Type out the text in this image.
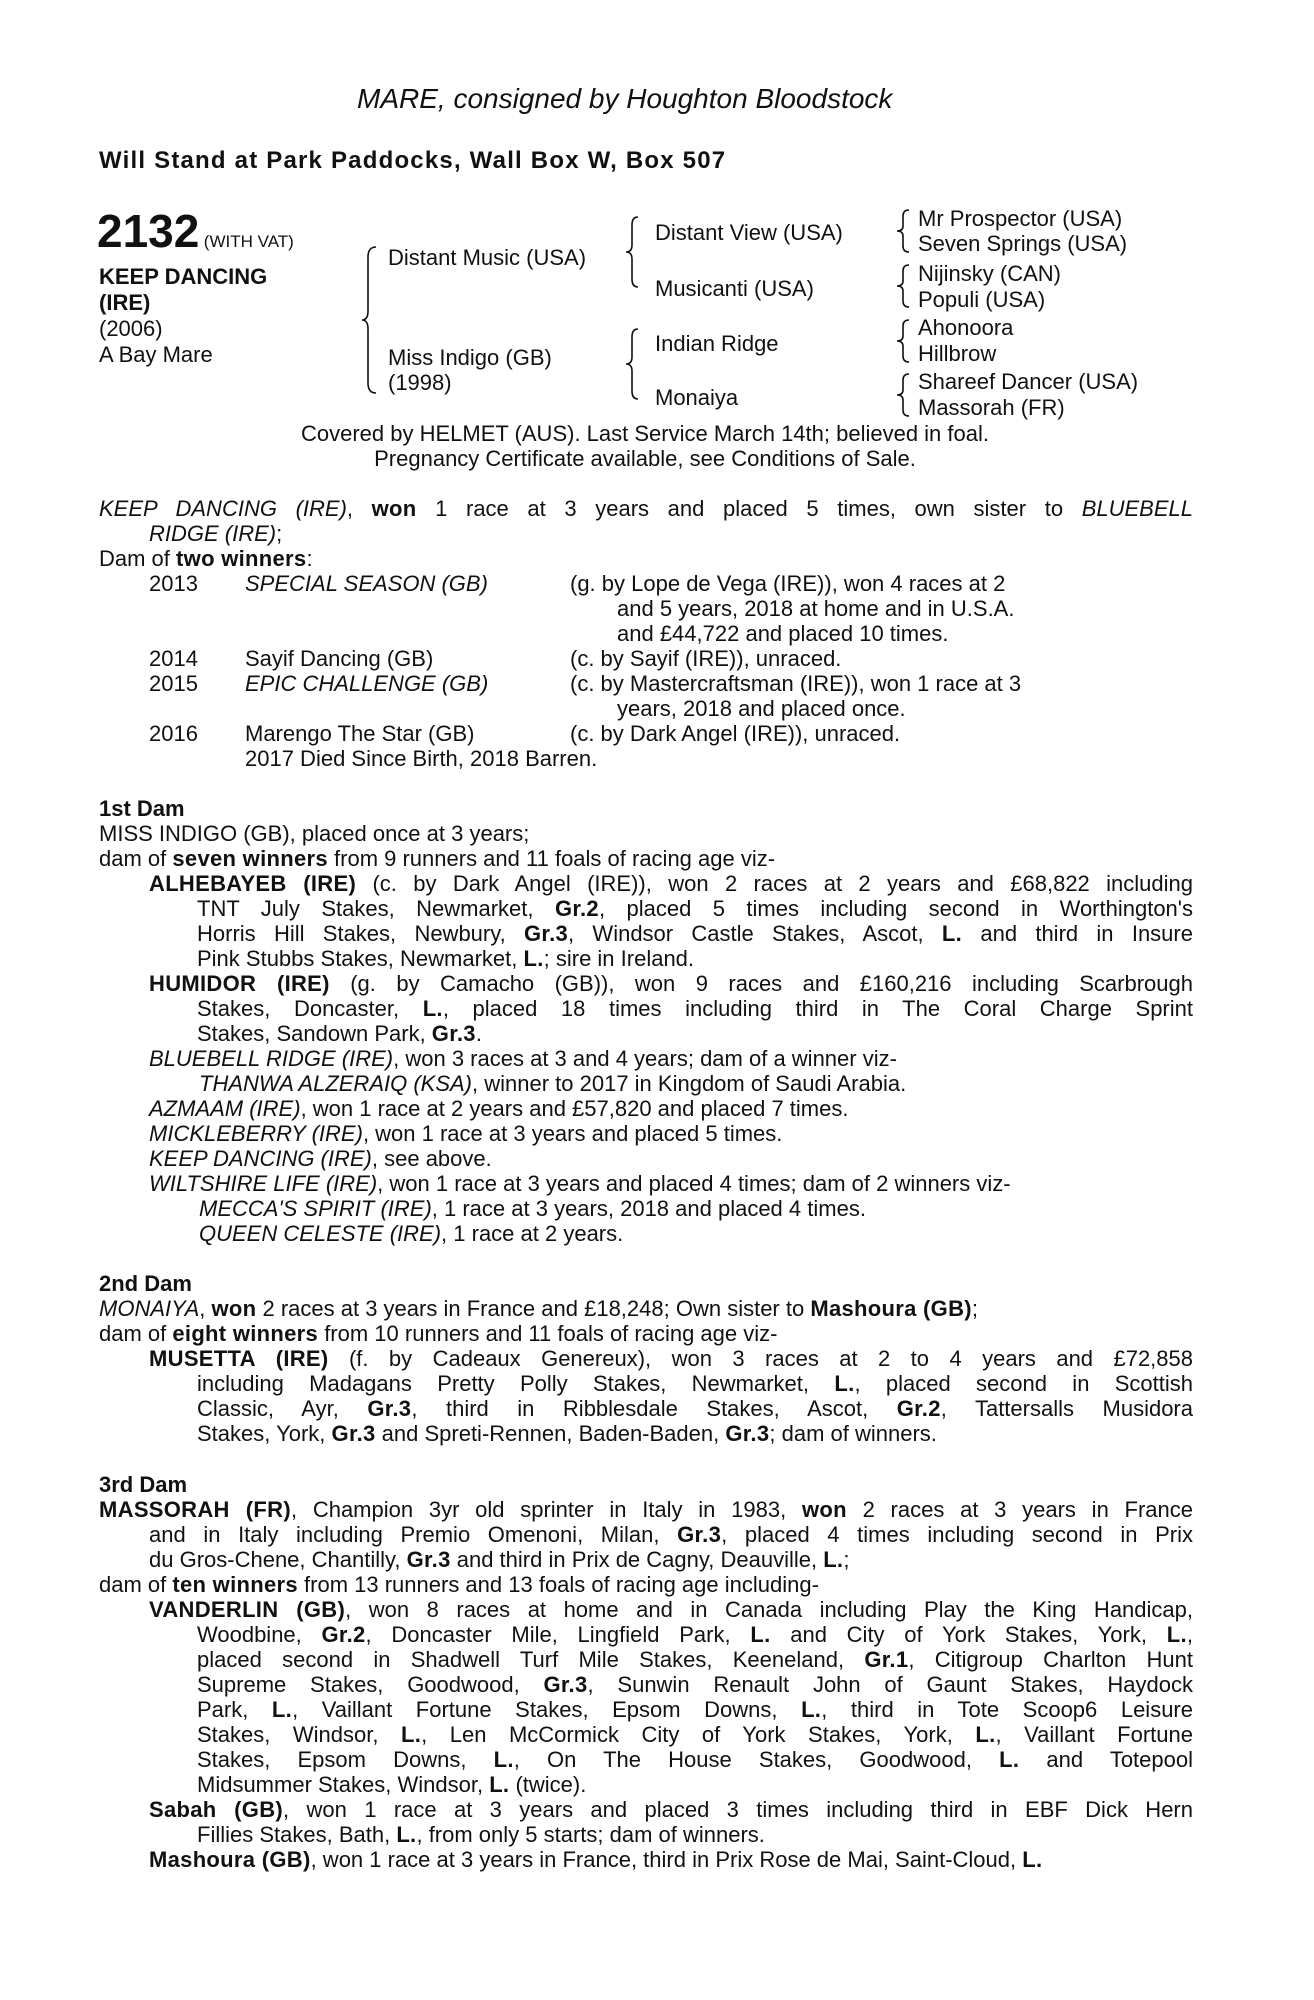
MARE, consigned by Houghton Bloodstock
Will Stand at Park Paddocks, Wall Box W, Box 507
2132 (WITH VAT)
KEEP DANCING
(IRE)
(2006)
A Bay Mare
Distant Music (USA)
Miss Indigo (GB)
(1998)
Distant View (USA)
Musicanti (USA)
Indian Ridge
Monaiya
Mr Prospector (USA)
Seven Springs (USA)
Nijinsky (CAN)
Populi (USA)
Ahonoora
Hillbrow
Shareef Dancer (USA)
Massorah (FR)
Covered by HELMET (AUS). Last Service March 14th; believed in foal.
Pregnancy Certificate available, see Conditions of Sale.
KEEP DANCING (IRE), won 1 race at 3 years and placed 5 times, own sister to BLUEBELL
RIDGE (IRE);
Dam of two winners:
2013 SPECIAL SEASON (GB)	(g. by Lope de Vega (IRE)), won 4 races at 2
and 5 years, 2018 at home and in U.S.A.
and £44,722 and placed 10 times.
2014 Sayif Dancing (GB)	(c. by Sayif (IRE)), unraced.
2015 EPIC CHALLENGE (GB)	(c. by Mastercraftsman (IRE)), won 1 race at 3
years, 2018 and placed once.
2016 Marengo The Star (GB)	(c. by Dark Angel (IRE)), unraced.
2017 Died Since Birth, 2018 Barren.
1st Dam
MISS INDIGO (GB), placed once at 3 years;
dam of seven winners from 9 runners and 11 foals of racing age viz-
ALHEBAYEB (IRE) (c. by Dark Angel (IRE)), won 2 races at 2 years and £68,822 including
TNT July Stakes, Newmarket, Gr.2, placed 5 times including second in Worthington's
Horris Hill Stakes, Newbury, Gr.3, Windsor Castle Stakes, Ascot, L. and third in Insure
Pink Stubbs Stakes, Newmarket, L.; sire in Ireland.
HUMIDOR (IRE) (g. by Camacho (GB)), won 9 races and £160,216 including Scarbrough
Stakes, Doncaster, L., placed 18 times including third in The Coral Charge Sprint
Stakes, Sandown Park, Gr.3.
BLUEBELL RIDGE (IRE), won 3 races at 3 and 4 years; dam of a winner viz-
THANWA ALZERAIQ (KSA), winner to 2017 in Kingdom of Saudi Arabia.
AZMAAM (IRE), won 1 race at 2 years and £57,820 and placed 7 times.
MICKLEBERRY (IRE), won 1 race at 3 years and placed 5 times.
KEEP DANCING (IRE), see above.
WILTSHIRE LIFE (IRE), won 1 race at 3 years and placed 4 times; dam of 2 winners viz-
MECCA'S SPIRIT (IRE), 1 race at 3 years, 2018 and placed 4 times.
QUEEN CELESTE (IRE), 1 race at 2 years.
2nd Dam
MONAIYA, won 2 races at 3 years in France and £18,248; Own sister to Mashoura (GB);
dam of eight winners from 10 runners and 11 foals of racing age viz-
MUSETTA (IRE) (f. by Cadeaux Genereux), won 3 races at 2 to 4 years and £72,858
including Madagans Pretty Polly Stakes, Newmarket, L., placed second in Scottish
Classic, Ayr, Gr.3, third in Ribblesdale Stakes, Ascot, Gr.2, Tattersalls Musidora
Stakes, York, Gr.3 and Spreti-Rennen, Baden-Baden, Gr.3; dam of winners.
3rd Dam
MASSORAH (FR), Champion 3yr old sprinter in Italy in 1983, won 2 races at 3 years in France
and in Italy including Premio Omenoni, Milan, Gr.3, placed 4 times including second in Prix
du Gros-Chene, Chantilly, Gr.3 and third in Prix de Cagny, Deauville, L.;
dam of ten winners from 13 runners and 13 foals of racing age including-
VANDERLIN (GB), won 8 races at home and in Canada including Play the King Handicap,
Woodbine, Gr.2, Doncaster Mile, Lingfield Park, L. and City of York Stakes, York, L.,
placed second in Shadwell Turf Mile Stakes, Keeneland, Gr.1, Citigroup Charlton Hunt
Supreme Stakes, Goodwood, Gr.3, Sunwin Renault John of Gaunt Stakes, Haydock
Park, L., Vaillant Fortune Stakes, Epsom Downs, L., third in Tote Scoop6 Leisure
Stakes, Windsor, L., Len McCormick City of York Stakes, York, L., Vaillant Fortune
Stakes, Epsom Downs, L., On The House Stakes, Goodwood, L. and Totepool
Midsummer Stakes, Windsor, L. (twice).
Sabah (GB), won 1 race at 3 years and placed 3 times including third in EBF Dick Hern
Fillies Stakes, Bath, L., from only 5 starts; dam of winners.
Mashoura (GB), won 1 race at 3 years in France, third in Prix Rose de Mai, Saint-Cloud, L.
